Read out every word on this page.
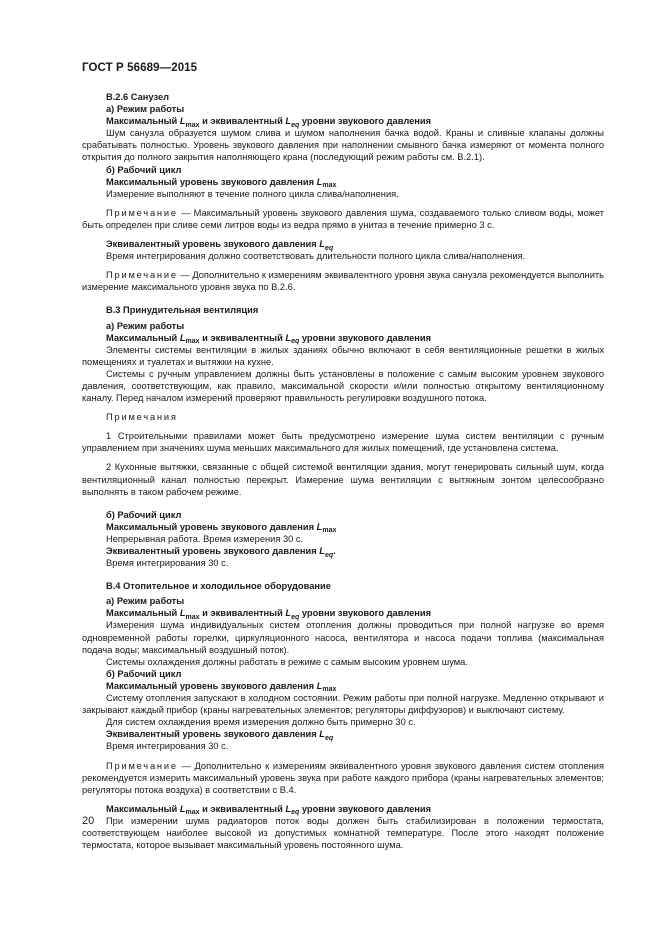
ГОСТ Р 56689—2015

В.2.6 Санузел

а) Режим работы

Максимальный $L_{max}$ и эквивалентный $L_{eq}$ уровни звукового давления

Шум санузла образуется шумом слива и шумом наполнения бачка водой. Краны и сливные клапаны должны срабатывать полностью. Уровень звукового давления при наполнении смывного бачка измеряют от момента полного открытия до полного закрытия наполняющего крана (последующий режим работы см. В.2.1).

б) Рабочий цикл

Максимальный уровень звукового давления $L_{max}$

Измерение выполняют в течение полного цикла слива/наполнения.

Примечание — Максимальный уровень звукового давления шума, создаваемого только сливом воды, может быть определен при сливе семи литров воды из ведра прямо в унитаз в течение примерно 3 с.

Эквивалентный уровень звукового давления $L_{eq}$

Время интегрирования должно соответствовать длительности полного цикла слива/наполнения.

Примечание — Дополнительно к измерениям эквивалентного уровня звука санузла рекомендуется выполнить измерение максимального уровня звука по В.2.6.

В.3 Принудительная вентиляция

а) Режим работы

Максимальный $L_{max}$ и эквивалентный $L_{eq}$ уровни звукового давления

Элементы системы вентиляции в жилых зданиях обычно включают в себя вентиляционные решетки в жилых помещениях и туалетах и вытяжки на кухне.

Системы с ручным управлением должны быть установлены в положение с самым высоким уровнем звукового давления, соответствующим, как правило, максимальной скорости и/или полностью открытому вентиляционному каналу. Перед началом измерений проверяют правильность регулировки воздушного потока.

Примечания

1 Строительными правилами может быть предусмотрено измерение шума систем вентиляции с ручным управлением при значениях шума меньших максимального для жилых помещений, где установлена система.

2 Кухонные вытяжки, связанные с общей системой вентиляции здания, могут генерировать сильный шум, когда вентиляционный канал полностью перекрыт. Измерение шума вентиляции с вытяжным зонтом целесообразно выполнять в таком рабочем режиме.

б) Рабочий цикл

Максимальный уровень звукового давления $L_{max}$

Непрерывная работа. Время измерения 30 с.

Эквивалентный уровень звукового давления $L_{eq}$.

Время интегрирования 30 с.

В.4 Отопительное и холодильное оборудование

а) Режим работы

Максимальный $L_{max}$ и эквивалентный $L_{eq}$ уровни звукового давления

Измерения шума индивидуальных систем отопления должны проводиться при полной нагрузке во время одновременной работы горелки, циркуляционного насоса, вентилятора и насоса подачи топлива (максимальная подача воды; максимальный воздушный поток).

Системы охлаждения должны работать в режиме с самым высоким уровнем шума.

б) Рабочий цикл

Максимальный уровень звукового давления $L_{max}$

Систему отопления запускают в холодном состоянии. Режим работы при полной нагрузке. Медленно открывают и закрывают каждый прибор (краны нагревательных элементов; регуляторы диффузоров) и выключают систему.

Для систем охлаждения время измерения должно быть примерно 30 с.

Эквивалентный уровень звукового давления $L_{eq}$

Время интегрирования 30 с.

Примечание — Дополнительно к измерениям эквивалентного уровня звукового давления систем отопления рекомендуется измерить максимальный уровень звука при работе каждого прибора (краны нагревательных элементов; регуляторы потока воздуха) в соответствии с В.4.

Максимальный $L_{max}$ и эквивалентный $L_{eq}$ уровни звукового давления

При измерении шума радиаторов поток воды должен быть стабилизирован в положении термостата, соответствующем наиболее высокой из допустимых комнатной температуре. После этого находят положение термостата, которое вызывает максимальный уровень постоянного шума.

20
